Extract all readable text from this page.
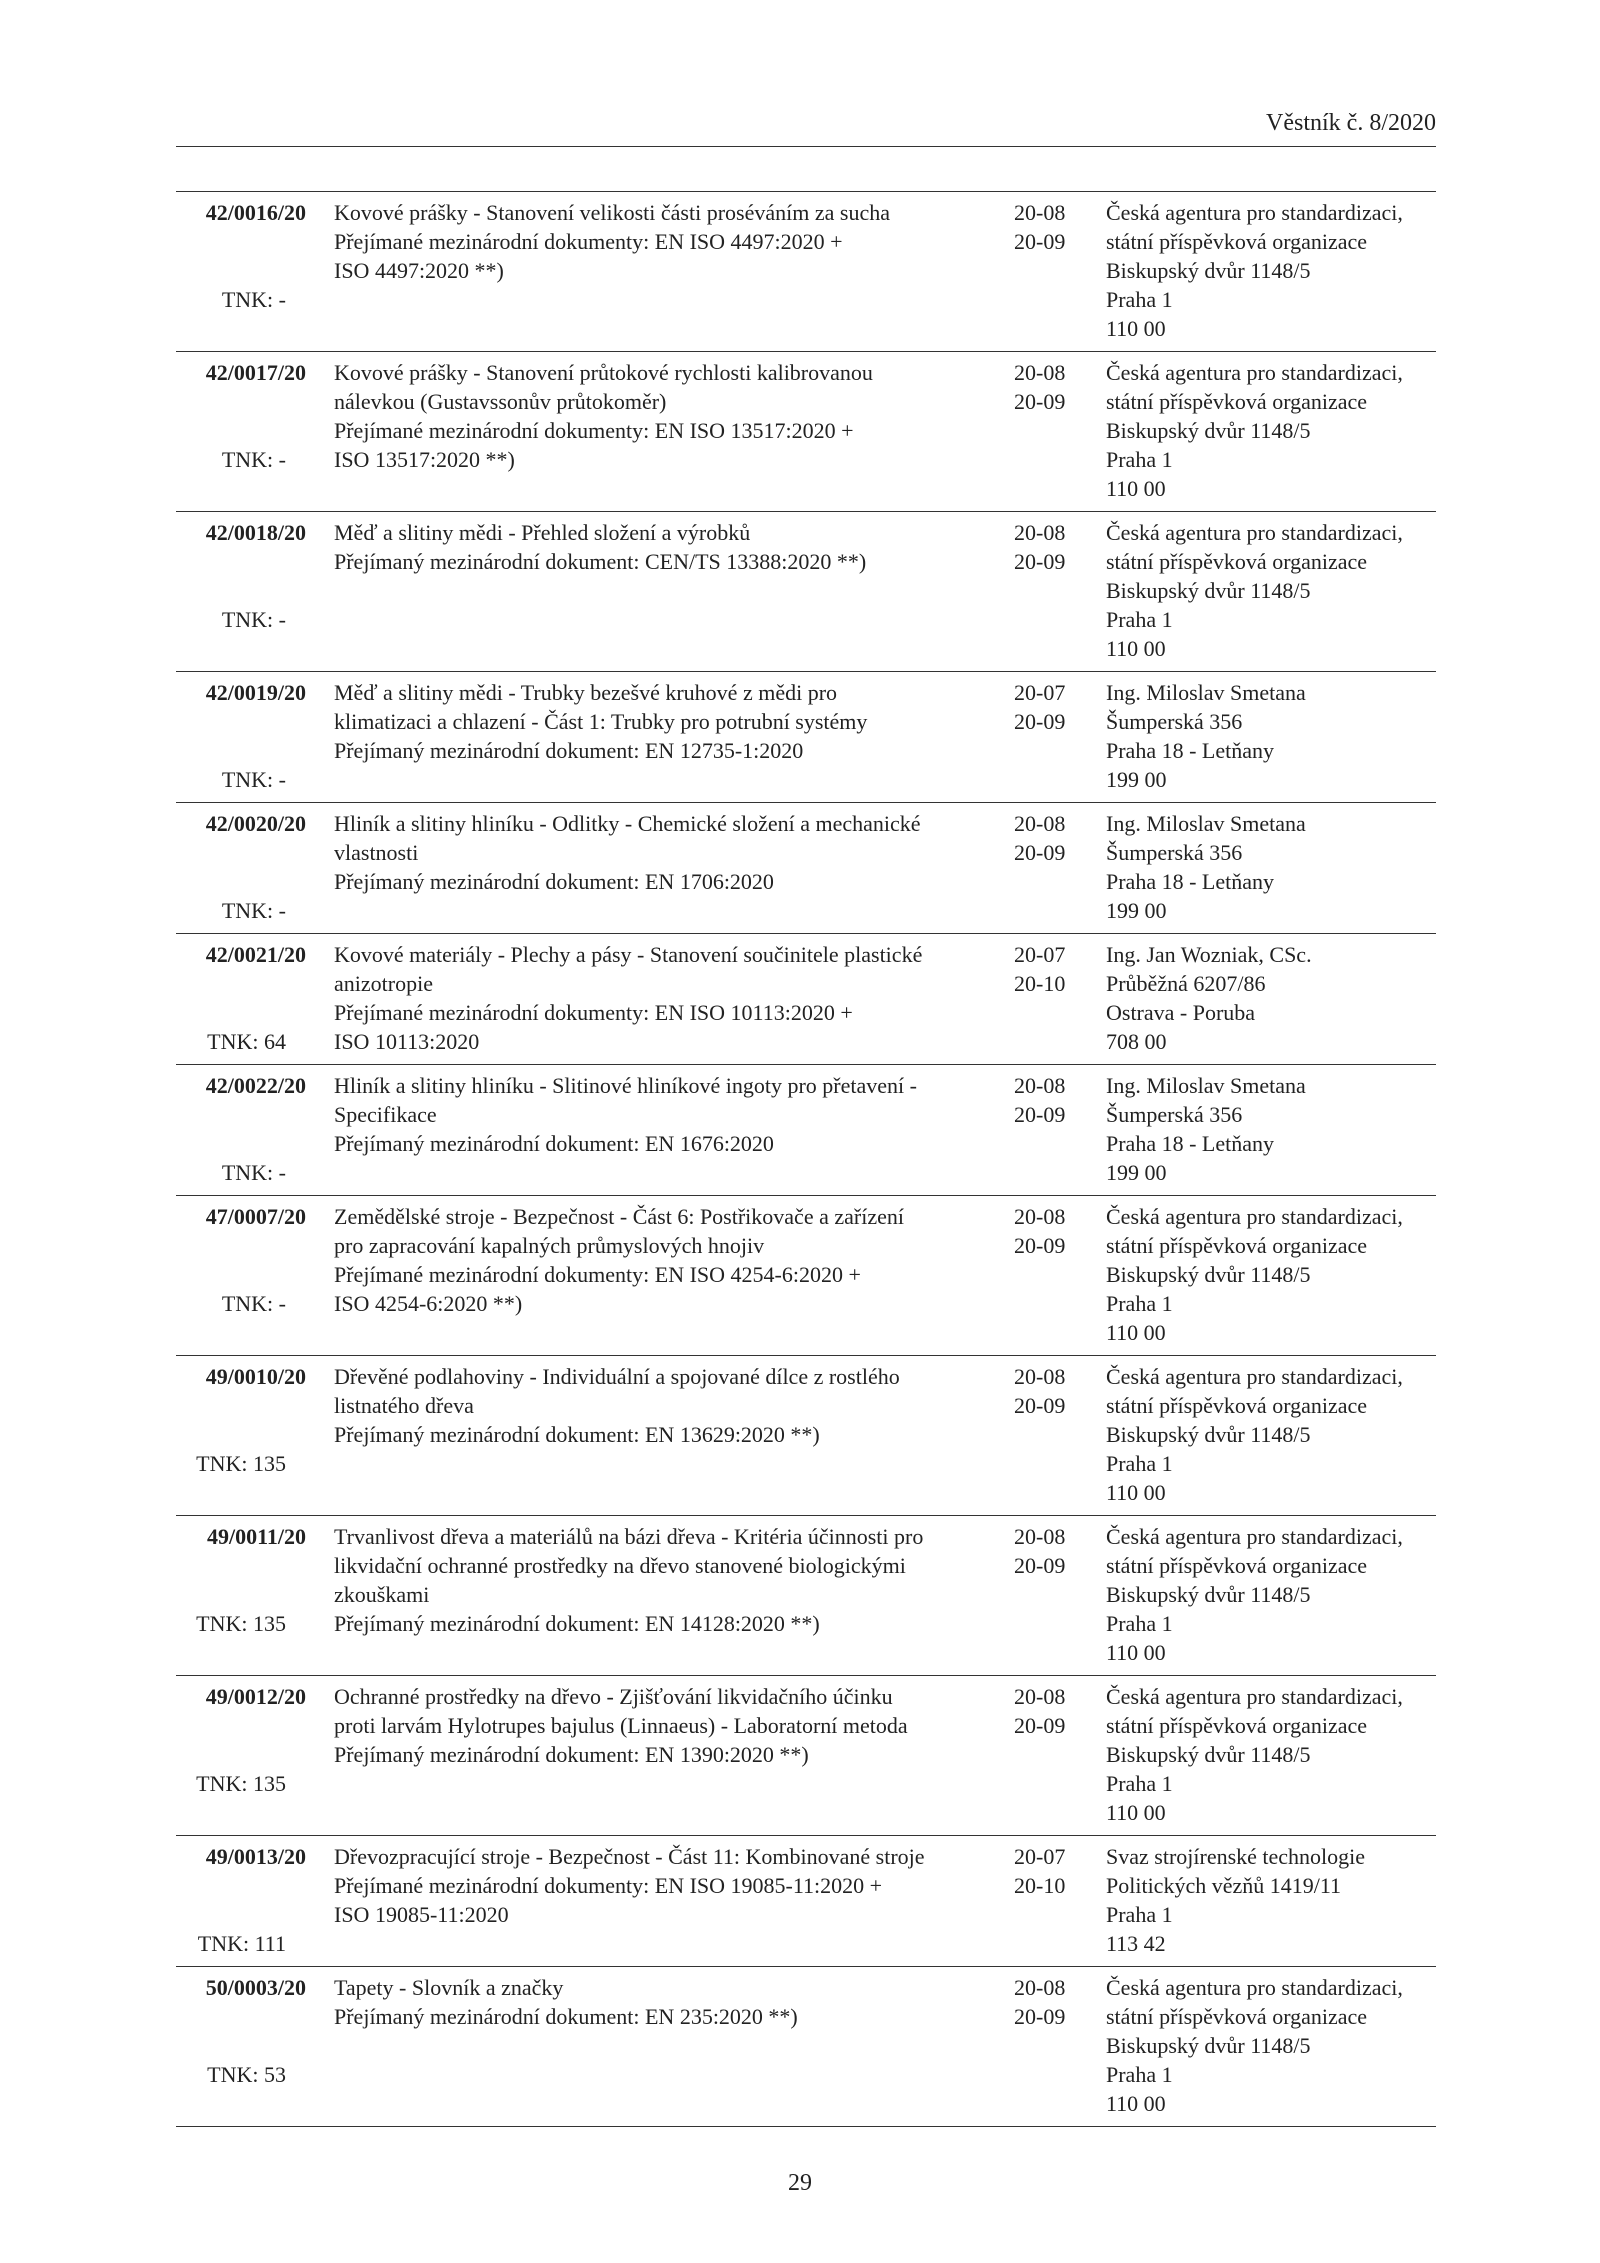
Věstník č. 8/2020
42/0016/20
TNK: -
Kovové prášky - Stanovení velikosti části proséváním za sucha
Přejímané mezinárodní dokumenty: EN ISO 4497:2020 +
ISO 4497:2020 **)
20-08
20-09
Česká agentura pro standardizaci,
státní příspěvková organizace
Biskupský dvůr 1148/5
Praha 1
110 00
42/0017/20
TNK: -
Kovové prášky - Stanovení průtokové rychlosti kalibrovanou
nálevkou (Gustavssonův průtokoměr)
Přejímané mezinárodní dokumenty: EN ISO 13517:2020 +
ISO 13517:2020 **)
20-08
20-09
Česká agentura pro standardizaci,
státní příspěvková organizace
Biskupský dvůr 1148/5
Praha 1
110 00
42/0018/20
TNK: -
Měď a slitiny mědi - Přehled složení a výrobků
Přejímaný mezinárodní dokument: CEN/TS 13388:2020 **)
20-08
20-09
Česká agentura pro standardizaci,
státní příspěvková organizace
Biskupský dvůr 1148/5
Praha 1
110 00
42/0019/20
TNK: -
Měď a slitiny mědi - Trubky bezešvé kruhové z mědi pro
klimatizaci a chlazení - Část 1: Trubky pro potrubní systémy
Přejímaný mezinárodní dokument: EN 12735-1:2020
20-07
20-09
Ing. Miloslav Smetana
Šumperská 356
Praha 18 - Letňany
199 00
42/0020/20
TNK: -
Hliník a slitiny hliníku - Odlitky - Chemické složení a mechanické
vlastnosti
Přejímaný mezinárodní dokument: EN 1706:2020
20-08
20-09
Ing. Miloslav Smetana
Šumperská 356
Praha 18 - Letňany
199 00
42/0021/20
TNK: 64
Kovové materiály - Plechy a pásy - Stanovení součinitele plastické
anizotropie
Přejímané mezinárodní dokumenty: EN ISO 10113:2020 +
ISO 10113:2020
20-07
20-10
Ing. Jan Wozniak, CSc.
Průběžná 6207/86
Ostrava - Poruba
708 00
42/0022/20
TNK: -
Hliník a slitiny hliníku - Slitinové hliníkové ingoty pro přetavení -
Specifikace
Přejímaný mezinárodní dokument: EN 1676:2020
20-08
20-09
Ing. Miloslav Smetana
Šumperská 356
Praha 18 - Letňany
199 00
47/0007/20
TNK: -
Zemědělské stroje - Bezpečnost - Část 6: Postřikovače a zařízení
pro zapracování kapalných průmyslových hnojiv
Přejímané mezinárodní dokumenty: EN ISO 4254-6:2020 +
ISO 4254-6:2020 **)
20-08
20-09
Česká agentura pro standardizaci,
státní příspěvková organizace
Biskupský dvůr 1148/5
Praha 1
110 00
49/0010/20
TNK: 135
Dřevěné podlahoviny - Individuální a spojované dílce z rostlého
listnatého dřeva
Přejímaný mezinárodní dokument: EN 13629:2020 **)
20-08
20-09
Česká agentura pro standardizaci,
státní příspěvková organizace
Biskupský dvůr 1148/5
Praha 1
110 00
49/0011/20
TNK: 135
Trvanlivost dřeva a materiálů na bázi dřeva - Kritéria účinnosti pro
likvidační ochranné prostředky na dřevo stanovené biologickými
zkouškami
Přejímaný mezinárodní dokument: EN 14128:2020 **)
20-08
20-09
Česká agentura pro standardizaci,
státní příspěvková organizace
Biskupský dvůr 1148/5
Praha 1
110 00
49/0012/20
TNK: 135
Ochranné prostředky na dřevo - Zjišťování likvidačního účinku
proti larvám Hylotrupes bajulus (Linnaeus) - Laboratorní metoda
Přejímaný mezinárodní dokument: EN 1390:2020 **)
20-08
20-09
Česká agentura pro standardizaci,
státní příspěvková organizace
Biskupský dvůr 1148/5
Praha 1
110 00
49/0013/20
TNK: 111
Dřevozpracující stroje - Bezpečnost - Část 11: Kombinované stroje
Přejímané mezinárodní dokumenty: EN ISO 19085-11:2020 +
ISO 19085-11:2020
20-07
20-10
Svaz strojírenské technologie
Politických vězňů 1419/11
Praha 1
113 42
50/0003/20
TNK: 53
Tapety - Slovník a značky
Přejímaný mezinárodní dokument: EN 235:2020 **)
20-08
20-09
Česká agentura pro standardizaci,
státní příspěvková organizace
Biskupský dvůr 1148/5
Praha 1
110 00
29
